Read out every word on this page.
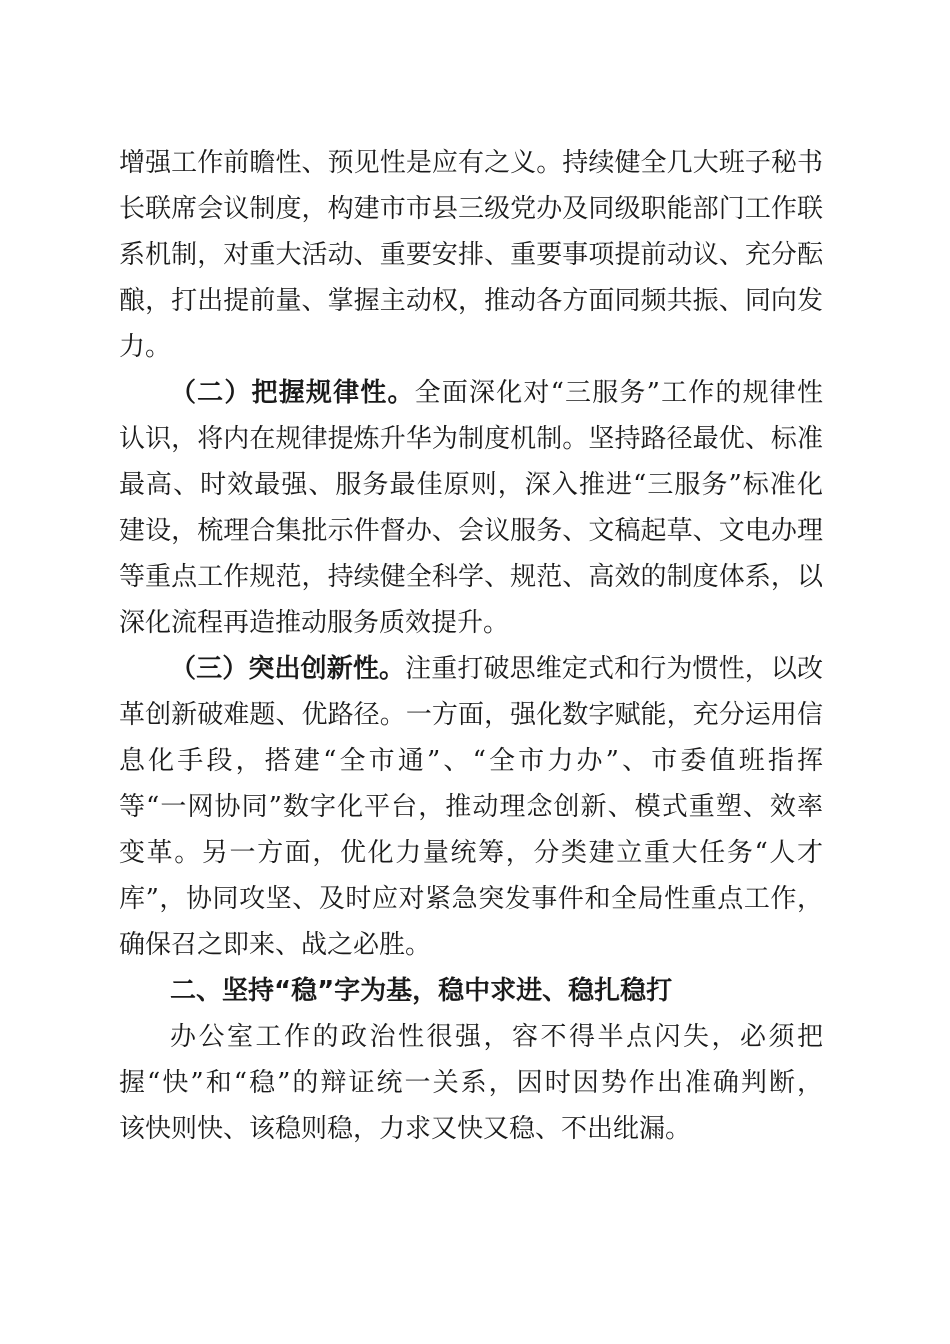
增强工作前瞻性、预见性是应有之义。持续健全几大班子秘书
长联席会议制度，构建市市县三级党办及同级职能部门工作联
系机制，对重大活动、重要安排、重要事项提前动议、充分酝
酿，打出提前量、掌握主动权，推动各方面同频共振、同向发
力。
（二）把握规律性。全面深化对“三服务”工作的规律性
认识，将内在规律提炼升华为制度机制。坚持路径最优、标准
最高、时效最强、服务最佳原则，深入推进“三服务”标准化
建设，梳理合集批示件督办、会议服务、文稿起草、文电办理
等重点工作规范，持续健全科学、规范、高效的制度体系，以
深化流程再造推动服务质效提升。
（三）突出创新性。注重打破思维定式和行为惯性，以改
革创新破难题、优路径。一方面，强化数字赋能，充分运用信
息化手段，搭建“全市通”、“全市力办”、市委值班指挥
等“一网协同”数字化平台，推动理念创新、模式重塑、效率
变革。另一方面，优化力量统筹，分类建立重大任务“人才
库”，协同攻坚、及时应对紧急突发事件和全局性重点工作，
确保召之即来、战之必胜。
二、坚持“稳”字为基，稳中求进、稳扎稳打
办公室工作的政治性很强，容不得半点闪失，必须把
握“快”和“稳”的辩证统一关系，因时因势作出准确判断，
该快则快、该稳则稳，力求又快又稳、不出纰漏。
